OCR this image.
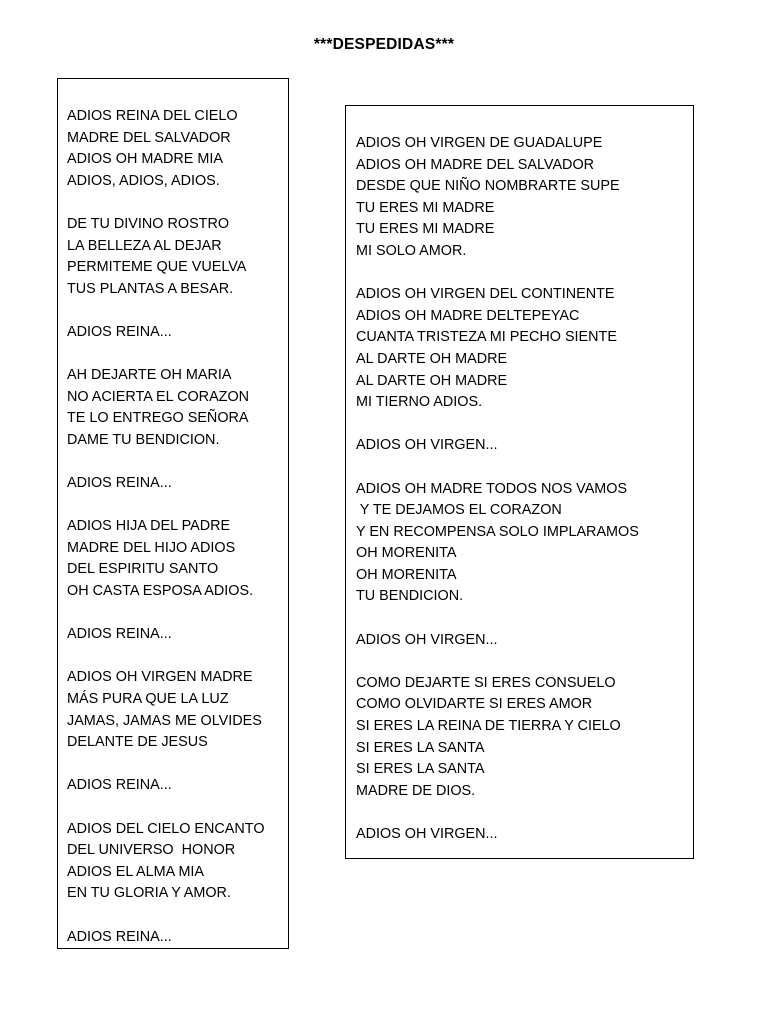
***DESPEDIDAS***
ADIOS REINA DEL CIELO
MADRE DEL SALVADOR
ADIOS OH MADRE MIA
ADIOS, ADIOS, ADIOS.
DE TU DIVINO ROSTRO
LA BELLEZA AL DEJAR
PERMITEME QUE VUELVA
TUS PLANTAS A BESAR.
ADIOS REINA...
AH DEJARTE OH MARIA
NO ACIERTA EL CORAZON
TE LO ENTREGO SEÑORA
DAME TU BENDICION.
ADIOS REINA...
ADIOS HIJA DEL PADRE
MADRE DEL HIJO ADIOS
DEL ESPIRITU SANTO
OH CASTA ESPOSA ADIOS.
ADIOS REINA...
ADIOS OH VIRGEN MADRE
MÁS PURA QUE LA LUZ
JAMAS, JAMAS ME OLVIDES
DELANTE DE JESUS
ADIOS REINA...
ADIOS DEL CIELO ENCANTO
DEL UNIVERSO  HONOR
ADIOS EL ALMA MIA
EN TU GLORIA Y AMOR.
ADIOS REINA...
ADIOS OH VIRGEN DE GUADALUPE
ADIOS OH MADRE DEL SALVADOR
DESDE QUE NIÑO NOMBRARTE SUPE
TU ERES MI MADRE
TU ERES MI MADRE
MI SOLO AMOR.
ADIOS OH VIRGEN DEL CONTINENTE
ADIOS OH MADRE DELTEPEYAC
CUANTA TRISTEZA MI PECHO SIENTE
AL DARTE OH MADRE
AL DARTE OH MADRE
MI TIERNO ADIOS.
ADIOS OH VIRGEN...
ADIOS OH MADRE TODOS NOS VAMOS
Y TE DEJAMOS EL CORAZON
Y EN RECOMPENSA SOLO IMPLARAMOS
OH MORENITA
OH MORENITA
TU BENDICION.
ADIOS OH VIRGEN...
COMO DEJARTE SI ERES CONSUELO
COMO OLVIDARTE SI ERES AMOR
SI ERES LA REINA DE TIERRA Y CIELO
SI ERES LA SANTA
SI ERES LA SANTA
MADRE DE DIOS.
ADIOS OH VIRGEN...
